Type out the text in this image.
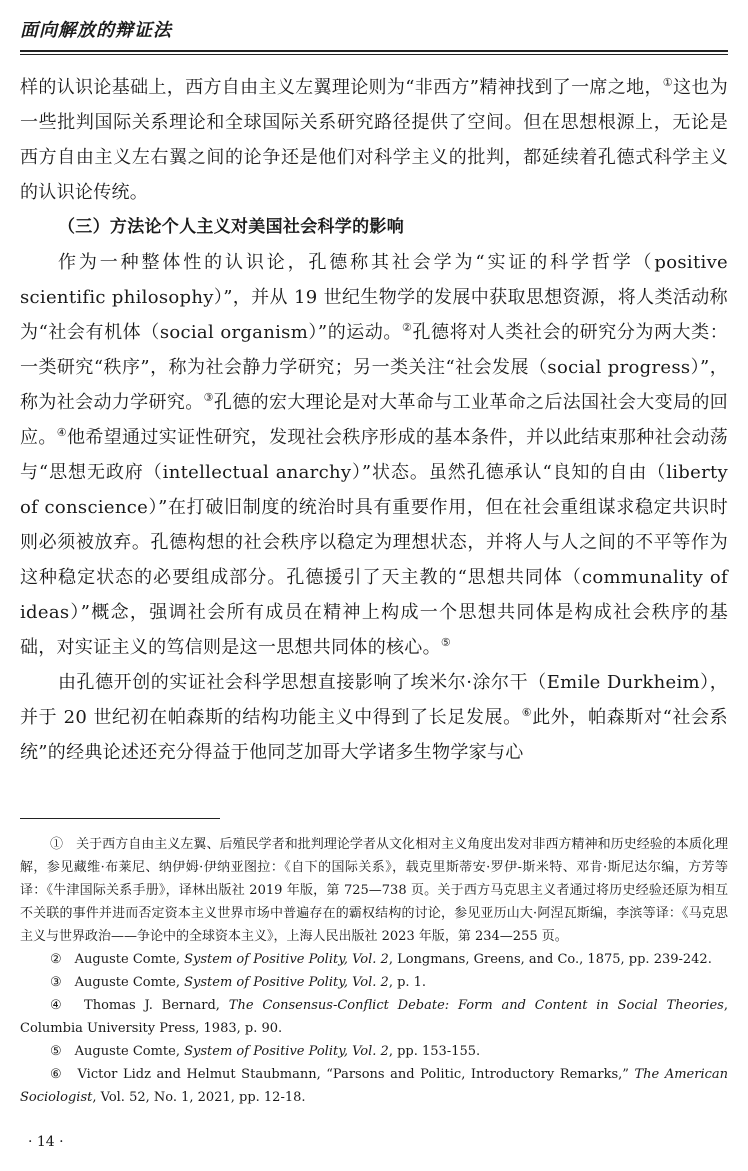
面向解放的辩证法

样的认识论基础上，西方自由主义左翼理论则为“非西方”精神找到了一席之地，①这也为一些批判国际关系理论和全球国际关系研究路径提供了空间。但在思想根源上，无论是西方自由主义左右翼之间的论争还是他们对科学主义的批判，都延续着孔德式科学主义的认识论传统。

（三）方法论个人主义对美国社会科学的影响

作为一种整体性的认识论，孔德称其社会学为“实证的科学哲学（positive scientific philosophy）”，并从 19 世纪生物学的发展中获取思想资源，将人类活动称为“社会有机体（social organism）”的运动。②孔德将对人类社会的研究分为两大类：一类研究“秩序”，称为社会静力学研究；另一类关注“社会发展（social progress）”，称为社会动力学研究。③孔德的宏大理论是对大革命与工业革命之后法国社会大变局的回应。④他希望通过实证性研究，发现社会秩序形成的基本条件，并以此结束那种社会动荡与“思想无政府（intellectual anarchy）”状态。虽然孔德承认“良知的自由（liberty of conscience）”在打破旧制度的统治时具有重要作用，但在社会重组谋求稳定共识时则必须被放弃。孔德构想的社会秩序以稳定为理想状态，并将人与人之间的不平等作为这种稳定状态的必要组成部分。孔德援引了天主教的“思想共同体（communality of ideas）”概念，强调社会所有成员在精神上构成一个思想共同体是构成社会秩序的基础，对实证主义的笃信则是这一思想共同体的核心。⑤

由孔德开创的实证社会科学思想直接影响了埃米尔·涂尔干（Emile Durkheim），并于 20 世纪初在帕森斯的结构功能主义中得到了长足发展。⑥此外，帕森斯对“社会系统”的经典论述还充分得益于他同芝加哥大学诸多生物学家与心

①　关于西方自由主义左翼、后殖民学者和批判理论学者从文化相对主义角度出发对非西方精神和历史经验的本质化理解，参见藏维·布莱尼、纳伊姆·伊纳亚图拉：《自下的国际关系》，载克里斯蒂安·罗伊-斯米特、邓肯·斯尼达尔编，方芳等译：《牛津国际关系手册》，译林出版社 2019 年版，第 725—738 页。关于西方马克思主义者通过将历史经验还原为相互不关联的事件并进而否定资本主义世界市场中普遍存在的霸权结构的讨论，参见亚历山大·阿涅瓦斯编，李滨等译：《马克思主义与世界政治——争论中的全球资本主义》，上海人民出版社 2023 年版，第 234—255 页。

②　Auguste Comte, System of Positive Polity, Vol. 2, Longmans, Greens, and Co., 1875, pp. 239-242.

③　Auguste Comte, System of Positive Polity, Vol. 2, p. 1.

④　Thomas J. Bernard, The Consensus-Conflict Debate: Form and Content in Social Theories, Columbia University Press, 1983, p. 90.

⑤　Auguste Comte, System of Positive Polity, Vol. 2, pp. 153-155.

⑥　Victor Lidz and Helmut Staubmann, “Parsons and Politic, Introductory Remarks,” The American Sociologist, Vol. 52, No. 1, 2021, pp. 12-18.

· 14 ·
